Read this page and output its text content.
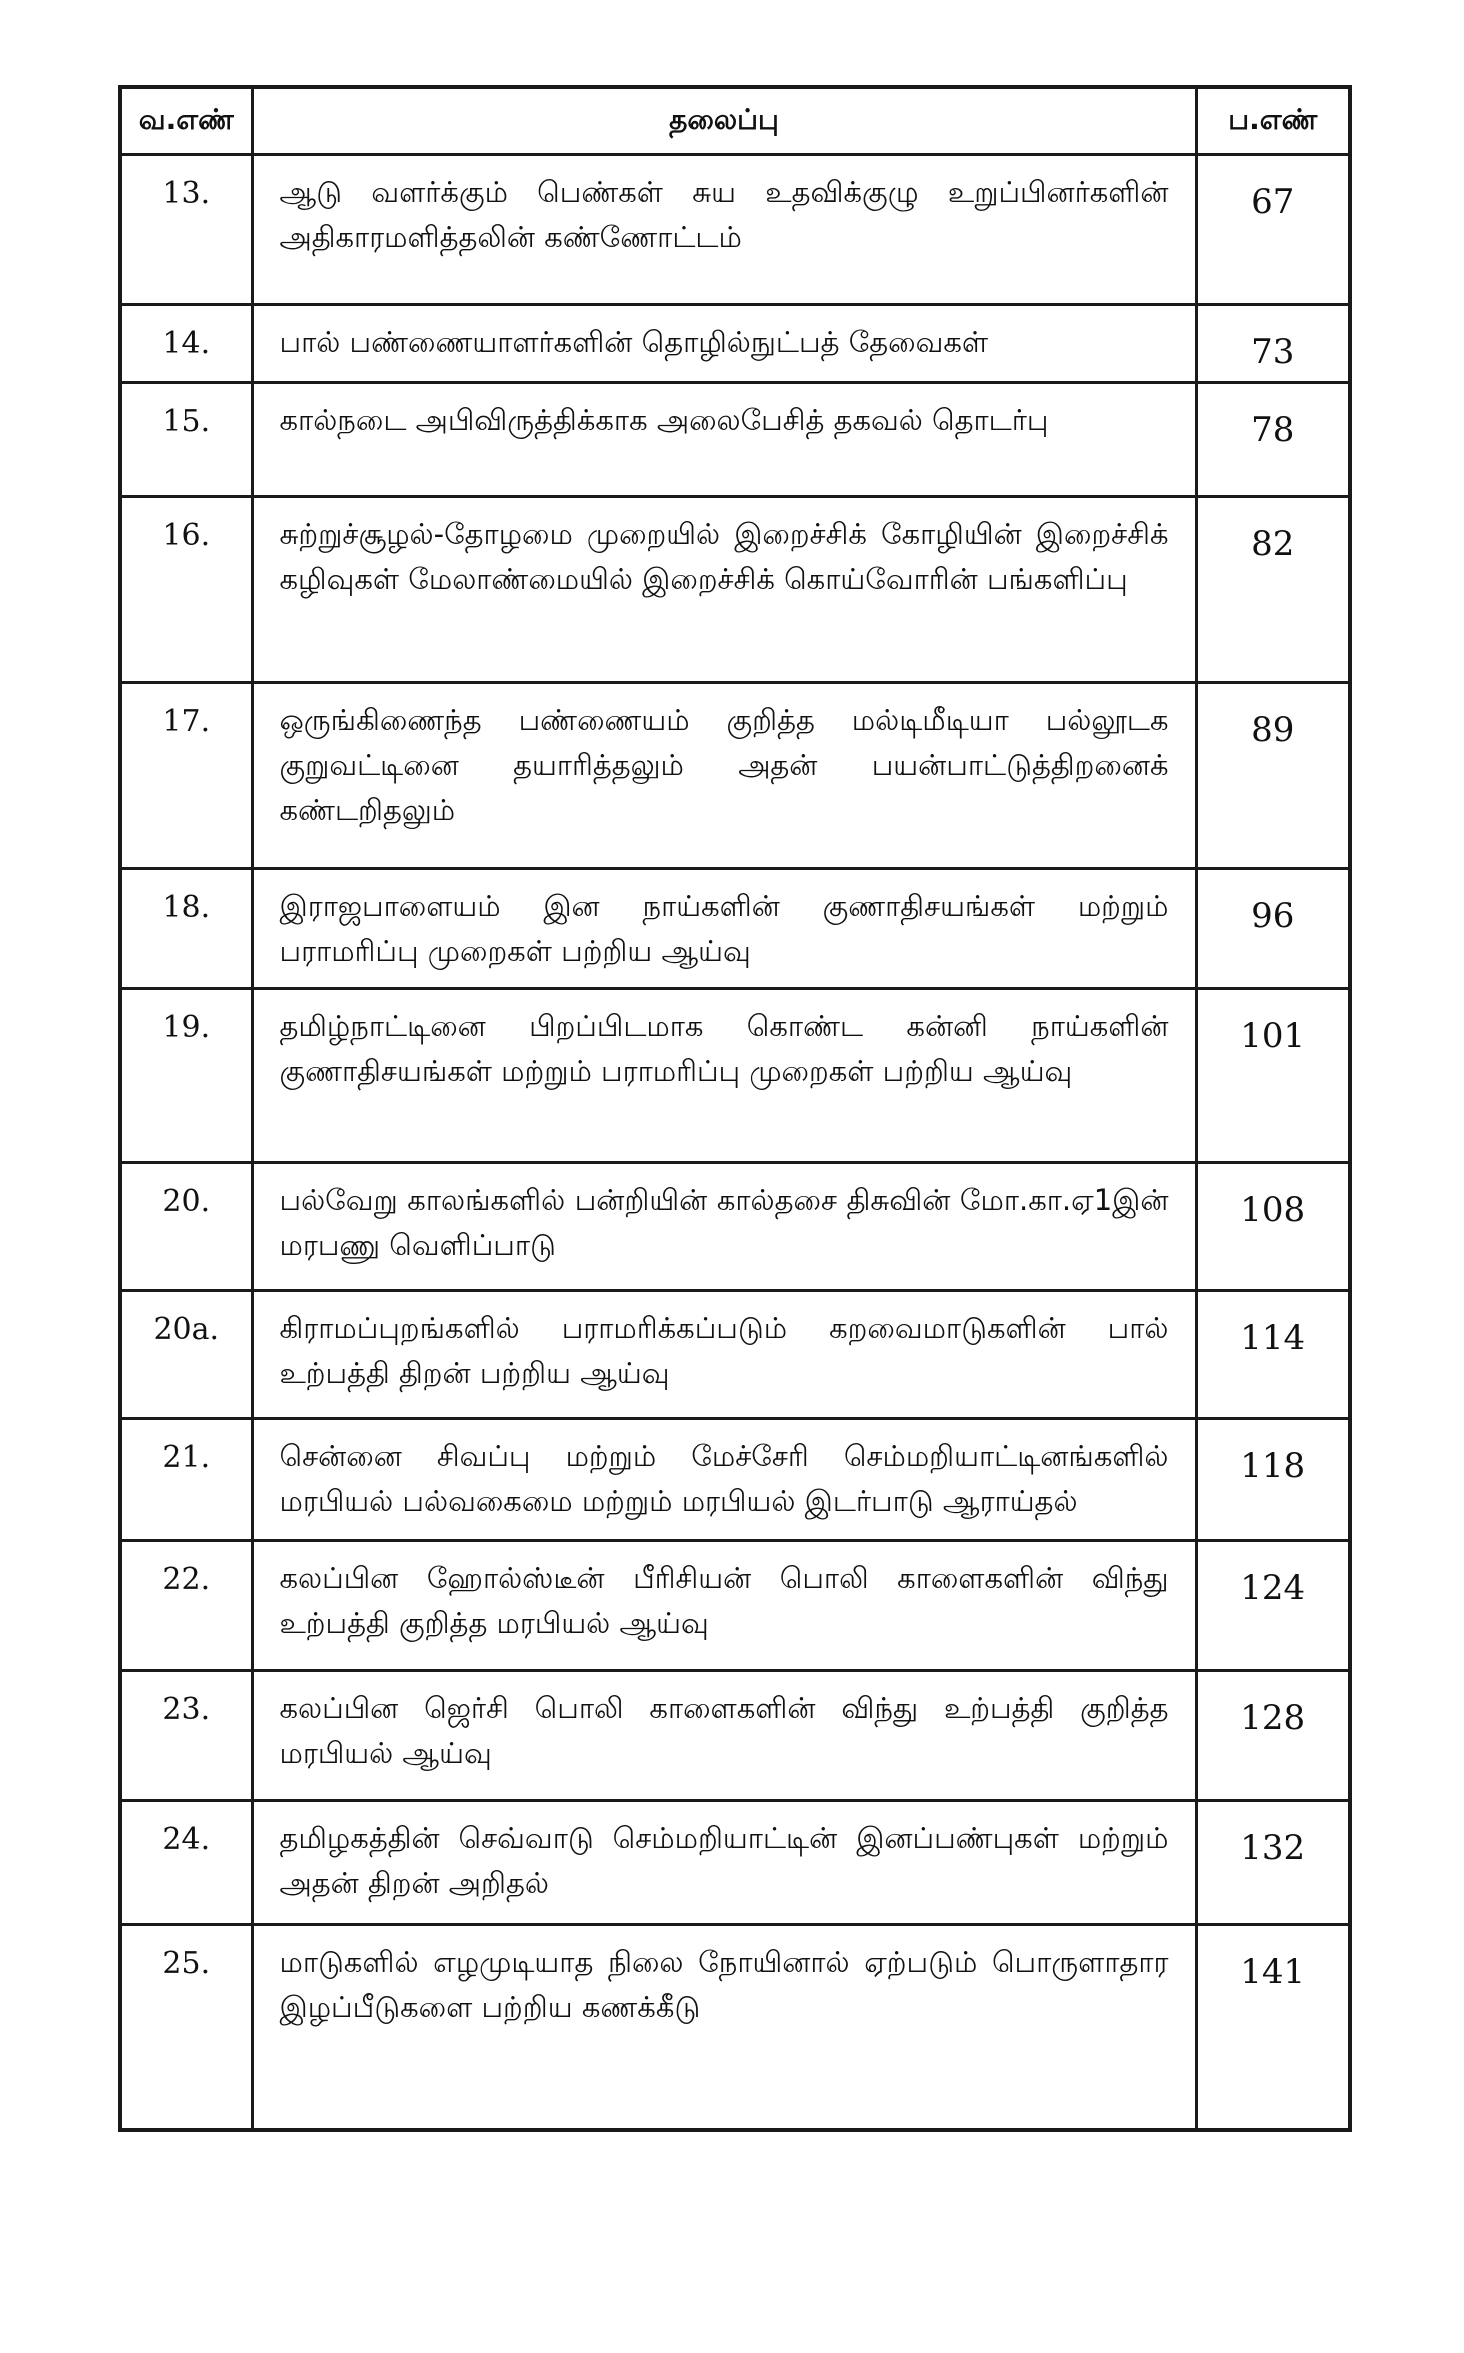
வ.எண்	தலைப்பு	ப.எண்
13.	ஆடு வளர்க்கும் பெண்கள் சுய உதவிக்குழு உறுப்பினர்களின் அதிகாரமளித்தலின் கண்ணோட்டம்	67
14.	பால் பண்ணையாளர்களின் தொழில்நுட்பத் தேவைகள்	73
15.	கால்நடை அபிவிருத்திக்காக அலைபேசித் தகவல் தொடர்பு	78
16.	சுற்றுச்சூழல்-தோழமை முறையில் இறைச்சிக் கோழியின் இறைச்சிக் கழிவுகள் மேலாண்மையில் இறைச்சிக் கொய்வோரின் பங்களிப்பு	82
17.	ஒருங்கிணைந்த பண்ணையம் குறித்த மல்டிமீடியா பல்லூடக குறுவட்டினை தயாரித்தலும் அதன் பயன்பாட்டுத்திறனைக் கண்டறிதலும்	89
18.	இராஜபாளையம் இன நாய்களின் குணாதிசயங்கள் மற்றும் பராமரிப்பு முறைகள் பற்றிய ஆய்வு	96
19.	தமிழ்நாட்டினை பிறப்பிடமாக கொண்ட கன்னி நாய்களின் குணாதிசயங்கள் மற்றும் பராமரிப்பு முறைகள் பற்றிய ஆய்வு	101
20.	பல்வேறு காலங்களில் பன்றியின் கால்தசை திசுவின் மோ.கா.ஏ1இன் மரபணு வெளிப்பாடு	108
20a.	கிராமப்புறங்களில் பராமரிக்கப்படும் கறவைமாடுகளின் பால் உற்பத்தி திறன் பற்றிய ஆய்வு	114
21.	சென்னை சிவப்பு மற்றும் மேச்சேரி செம்மறியாட்டினங்களில் மரபியல் பல்வகைமை மற்றும் மரபியல் இடர்பாடு ஆராய்தல்	118
22.	கலப்பின ஹோல்ஸ்டீன் பீரிசியன் பொலி காளைகளின் விந்து உற்பத்தி குறித்த மரபியல் ஆய்வு	124
23.	கலப்பின ஜெர்சி பொலி காளைகளின் விந்து உற்பத்தி குறித்த மரபியல் ஆய்வு	128
24.	தமிழகத்தின் செவ்வாடு செம்மறியாட்டின் இனப்பண்புகள் மற்றும் அதன் திறன் அறிதல்	132
25.	மாடுகளில் எழமுடியாத நிலை நோயினால் ஏற்படும் பொருளாதார இழப்பீடுகளை பற்றிய கணக்கீடு	141
